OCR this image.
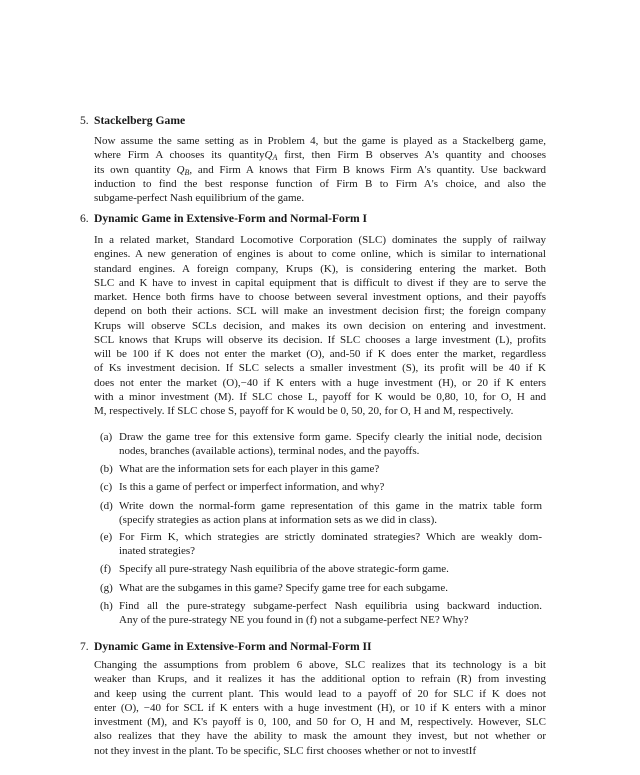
5. Stackelberg Game
Now assume the same setting as in Problem 4, but the game is played as a Stackelberg game,
where Firm A chooses its quantityQ$_A$ first, then Firm B observes A's quantity and chooses
its own quantity $Q_B$, and Firm A knows that Firm B knows Firm A's quantity. Use backward
induction to find the best response function of Firm B to Firm A's choice, and also the
subgame-perfect Nash equilibrium of the game.
6. Dynamic Game in Extensive-Form and Normal-Form I
In a related market, Standard Locomotive Corporation (SLC) dominates the supply of railway
engines. A new generation of engines is about to come online, which is similar to international
standard engines. A foreign company, Krups (K), is considering entering the market. Both
SLC and K have to invest in capital equipment that is difficult to divest if they are to serve the
market. Hence both firms have to choose between several investment options, and their payoffs
depend on both their actions. SCL will make an investment decision first; the foreign company
Krups will observe SCLs decision, and makes its own decision on entering and investment.
SCL knows that Krups will observe its decision. If SLC chooses a large investment (L), profits
will be 100 if K does not enter the market (O), and-50 if K does enter the market, regardless
of Ks investment decision. If SLC selects a smaller investment (S), its profit will be 40 if K
does not enter the market (O),−40 if K enters with a huge investment (H), or 20 if K enters
with a minor investment (M). If SLC chose L, payoff for K would be 0,80, 10, for O, H and
M, respectively. If SLC chose S, payoff for K would be 0, 50, 20, for O, H and M, respectively.
(a) Draw the game tree for this extensive form game. Specify clearly the initial node, decision
nodes, branches (available actions), terminal nodes, and the payoffs.
(b) What are the information sets for each player in this game?
(c) Is this a game of perfect or imperfect information, and why?
(d) Write down the normal-form game representation of this game in the matrix table form
(specify strategies as action plans at information sets as we did in class).
(e) For Firm K, which strategies are strictly dominated strategies? Which are weakly dom-
inated strategies?
(f) Specify all pure-strategy Nash equilibria of the above strategic-form game.
(g) What are the subgames in this game? Specify game tree for each subgame.
(h) Find all the pure-strategy subgame-perfect Nash equilibria using backward induction.
Any of the pure-strategy NE you found in (f) not a subgame-perfect NE? Why?
7. Dynamic Game in Extensive-Form and Normal-Form II
Changing the assumptions from problem 6 above, SLC realizes that its technology is a bit
weaker than Krups, and it realizes it has the additional option to refrain (R) from investing
and keep using the current plant. This would lead to a payoff of 20 for SLC if K does not
enter (O), −40 for SCL if K enters with a huge investment (H), or 10 if K enters with a minor
investment (M), and K's payoff is 0, 100, and 50 for O, H and M, respectively. However, SLC
also realizes that they have the ability to mask the amount they invest, but not whether or
not they invest in the plant. To be specific, SLC first chooses whether or not to investIf
